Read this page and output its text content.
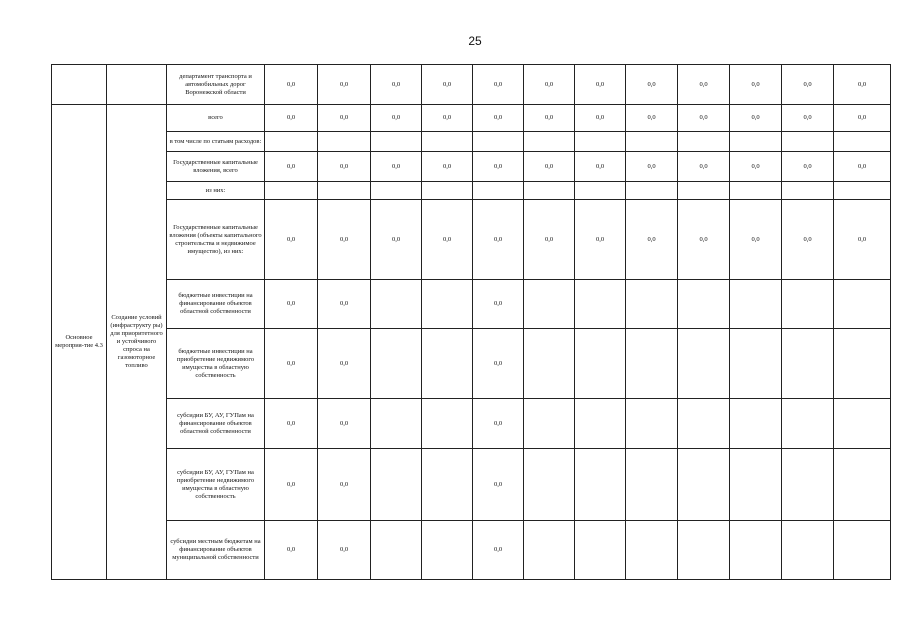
25
		департамент транспорта и автомобильных дорог Воронежской области	0,0	0,0	0,0	0,0	0,0	0,0	0,0	0,0	0,0	0,0	0,0	0,0
Основное мероприя-тие 4.3	Создание условий (инфраструкту ры) для приоритетного и устойчивого спроса на газомоторное топливо	всего	0,0	0,0	0,0	0,0	0,0	0,0	0,0	0,0	0,0	0,0	0,0	0,0
		в том числе по статьям расходов:												
		Государственные капитальные вложения, всего	0,0	0,0	0,0	0,0	0,0	0,0	0,0	0,0	0,0	0,0	0,0	0,0
		из них:												
		Государственные капитальные вложения (объекты капитального строительства и недвижимое имущество), из них:	0,0	0,0	0,0	0,0	0,0	0,0	0,0	0,0	0,0	0,0	0,0	0,0
		бюджетные инвестиции на финансирование объектов областной собственности	0,0	0,0			0,0							
		бюджетные инвестиции на приобретение недвижимого имущества в областную собственность	0,0	0,0			0,0							
		субсидии БУ, АУ, ГУПам на финансирование объектов областной собственности	0,0	0,0			0,0							
		субсидии БУ, АУ, ГУПам на приобретение недвижимого имущества в областную собственность	0,0	0,0			0,0							
		субсидии местным бюджетам на финансирование объектов муниципальной собственности	0,0	0,0			0,0							
